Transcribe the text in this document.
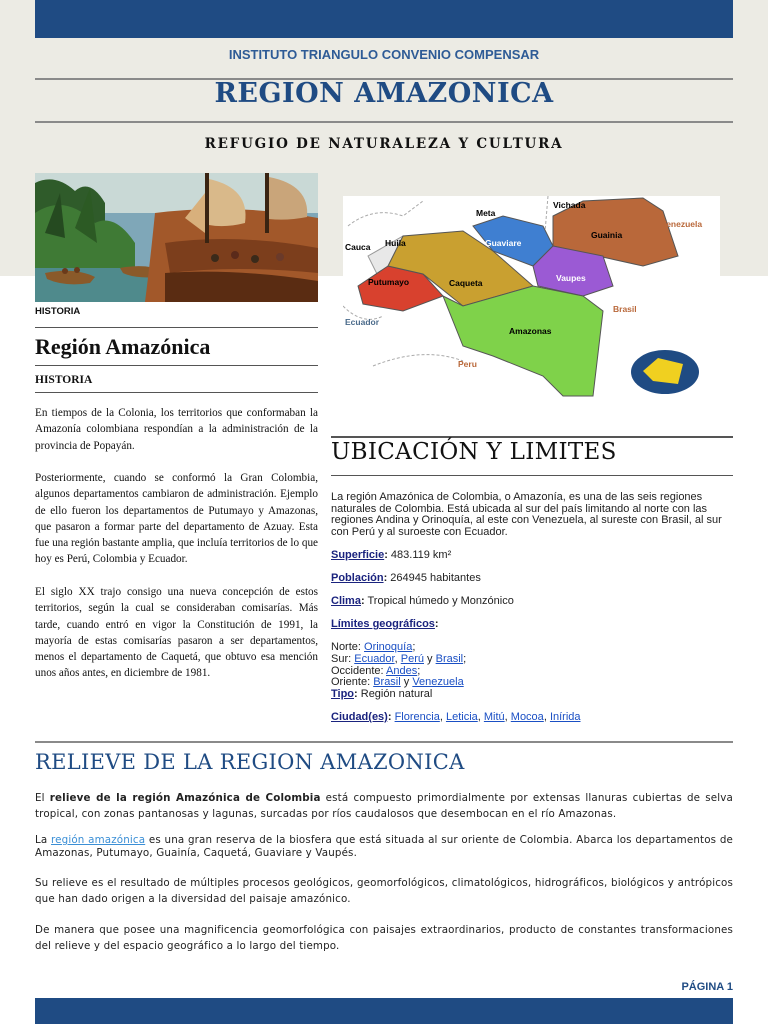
INSTITUTO TRIANGULO CONVENIO COMPENSAR
REGION AMAZONICA
REFUGIO DE NATURALEZA Y CULTURA
HISTORIA
Región Amazónica
HISTORIA

En tiempos de la Colonia, los territorios que conformaban la Amazonía colombiana respondían a la administración de la provincia de Popayán.

Posteriormente, cuando se conformó la Gran Colombia, algunos departamentos cambiaron de administración. Ejemplo de ello fueron los departamentos de Putumayo y Amazonas, que pasaron a formar parte del departamento de Azuay. Esta fue una región bastante amplia, que incluía territorios de lo que hoy es Perú, Colombia y Ecuador.

El siglo XX trajo consigo una nueva concepción de estos territorios, según la cual se consideraban comisarías. Más tarde, cuando entró en vigor la Constitución de 1991, la mayoría de estas comisarías pasaron a ser departamentos, menos el departamento de Caquetá, que obtuvo esa mención unos años antes, en diciembre de 1981.

Meta
Vichada
Venezuela
Guainia
Guaviare
Cauca Huila
Vaupes
Putumayo	Caqueta
Brasil
Ecuador
Amazonas
Peru
UBICACIÓN Y LIMITES

La región Amazónica de Colombia, o Amazonía, es una de las seis regiones naturales de Colombia. Está ubicada al sur del país limitando al norte con las regiones Andina y Orinoquía, al este con Venezuela, al sureste con Brasil, al sur con Perú y al suroeste con Ecuador.

Superficie: 483.119 km²

Población: 264945 habitantes

Clima: Tropical húmedo y Monzónico

Límites geográficos:

Norte: Orinoquía;

Sur: Ecuador, Perú y Brasil;

Occidente: Andes;

Oriente: Brasil y Venezuela

Tipo: Región natural

Ciudad(es): Florencia, Leticia, Mitú, Mocoa, Inírida

RELIEVE DE LA REGION AMAZONICA

El relieve de la región Amazónica de Colombia está compuesto primordialmente por extensas llanuras cubiertas de selva tropical, con zonas pantanosas y lagunas, surcadas por ríos caudalosos que desembocan en el río Amazonas.

La región amazónica es una gran reserva de la biosfera que está situada al sur oriente de Colombia. Abarca los departamentos de Amazonas, Putumayo, Guainía, Caquetá, Guaviare y Vaupés.

Su relieve es el resultado de múltiples procesos geológicos, geomorfológicos, climatológicos, hidrográficos, biológicos y antrópicos que han dado origen a la diversidad del paisaje amazónico.

De manera que posee una magnificencia geomorfológica con paisajes extraordinarios, producto de constantes transformaciones del relieve y del espacio geográfico a lo largo del tiempo.

PÁGINA 1
